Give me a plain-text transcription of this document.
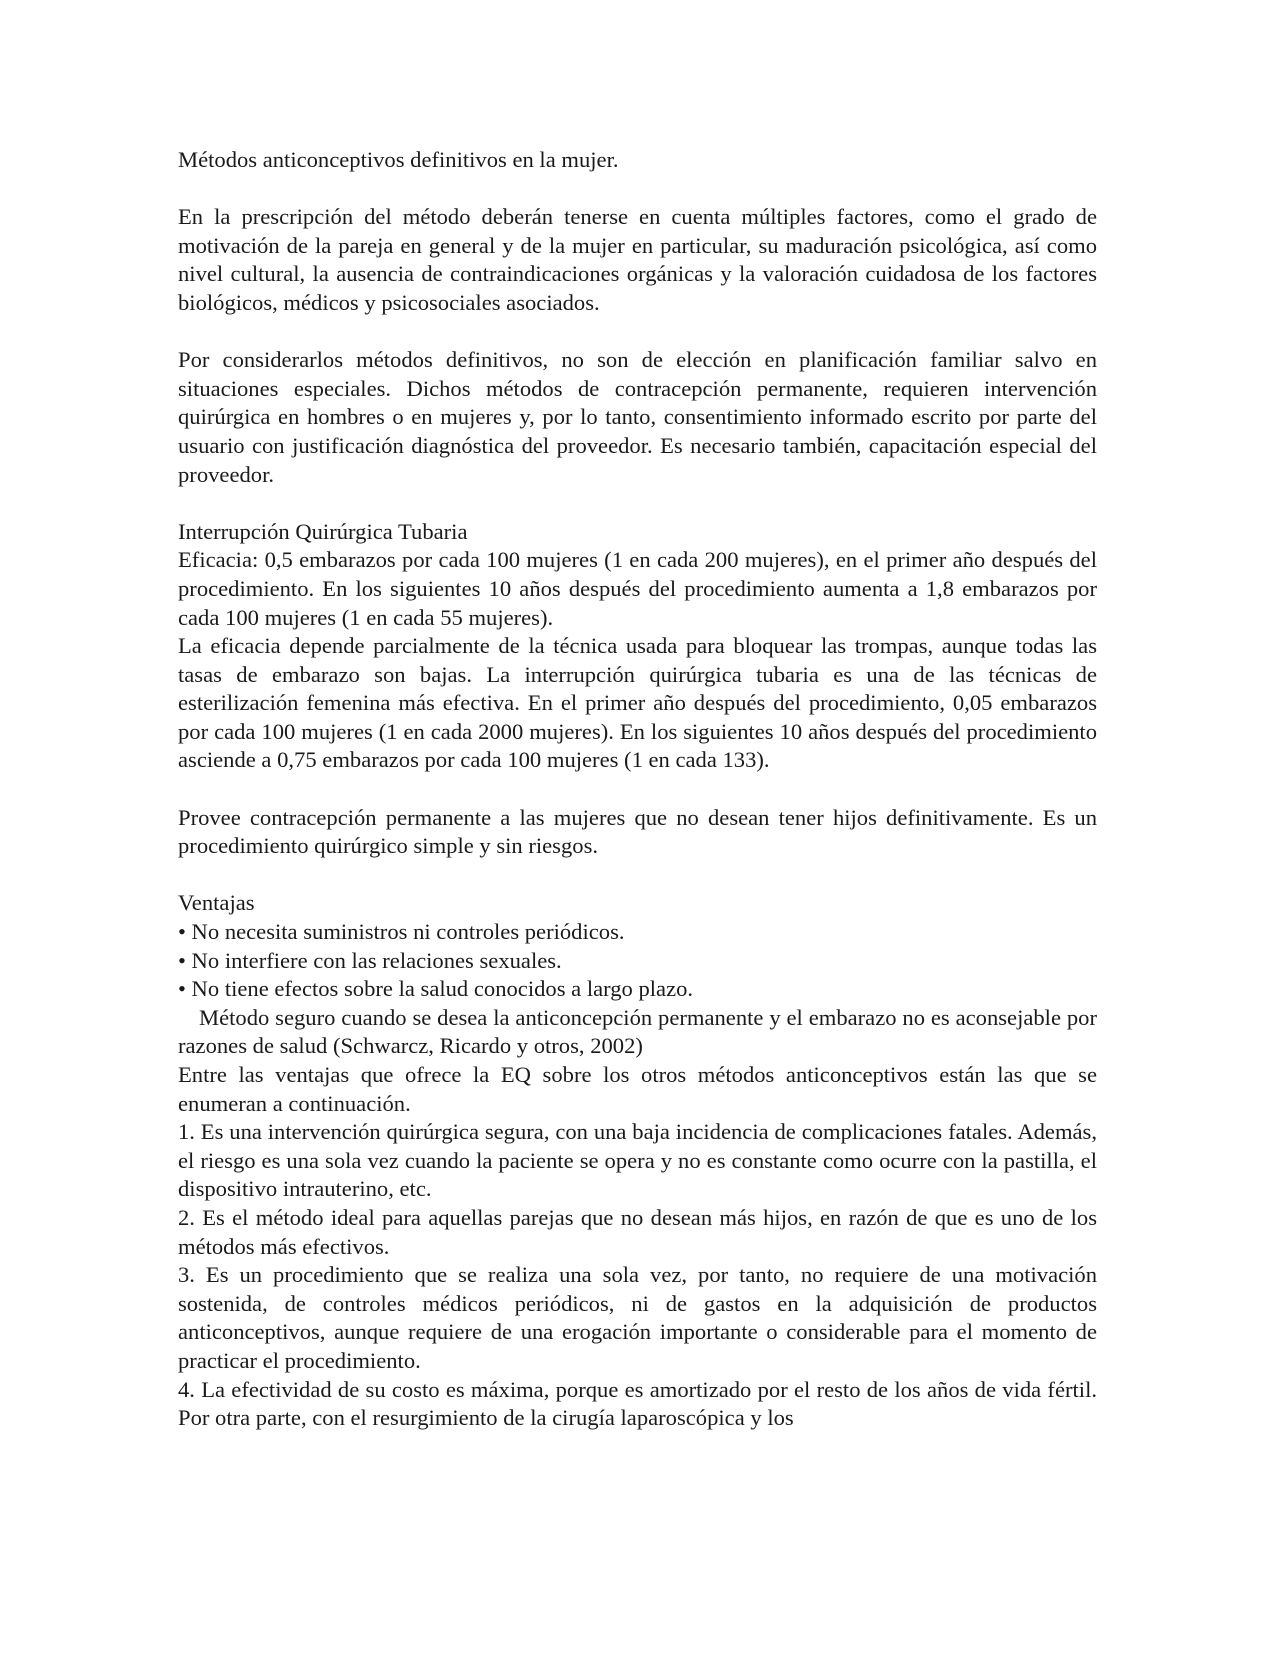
Métodos anticonceptivos definitivos en la mujer.

En la prescripción del método deberán tenerse en cuenta múltiples factores, como el grado de motivación de la pareja en general y de la mujer en particular, su maduración psicológica, así como nivel cultural, la ausencia de contraindicaciones orgánicas y la valoración cuidadosa de los factores biológicos, médicos y psicosociales asociados.

Por considerarlos métodos definitivos, no son de elección en planificación familiar salvo en situaciones especiales. Dichos métodos de contracepción permanente, requieren intervención quirúrgica en hombres o en mujeres y, por lo tanto, consentimiento informado escrito por parte del usuario con justificación diagnóstica del proveedor. Es necesario también, capacitación especial del proveedor.

Interrupción Quirúrgica Tubaria

Eficacia: 0,5 embarazos por cada 100 mujeres (1 en cada 200 mujeres), en el primer año después del procedimiento. En los siguientes 10 años después del procedimiento aumenta a 1,8 embarazos por cada 100 mujeres (1 en cada 55 mujeres).

La eficacia depende parcialmente de la técnica usada para bloquear las trompas, aunque todas las tasas de embarazo son bajas. La interrupción quirúrgica tubaria es una de las técnicas de esterilización femenina más efectiva. En el primer año después del procedimiento, 0,05 embarazos por cada 100 mujeres (1 en cada 2000 mujeres). En los siguientes 10 años después del procedimiento asciende a 0,75 embarazos por cada 100 mujeres (1 en cada 133).

Provee contracepción permanente a las mujeres que no desean tener hijos definitivamente. Es un procedimiento quirúrgico simple y sin riesgos.

Ventajas

• No necesita suministros ni controles periódicos.

• No interfiere con las relaciones sexuales.

• No tiene efectos sobre la salud conocidos a largo plazo.

Método seguro cuando se desea la anticoncepción permanente y el embarazo no es aconsejable por razones de salud (Schwarcz, Ricardo y otros, 2002)

Entre las ventajas que ofrece la EQ sobre los otros métodos anticonceptivos están las que se enumeran a continuación.

1. Es una intervención quirúrgica segura, con una baja incidencia de complicaciones fatales. Además, el riesgo es una sola vez cuando la paciente se opera y no es constante como ocurre con la pastilla, el dispositivo intrauterino, etc.

2. Es el método ideal para aquellas parejas que no desean más hijos, en razón de que es uno de los métodos más efectivos.

3. Es un procedimiento que se realiza una sola vez, por tanto, no requiere de una motivación sostenida, de controles médicos periódicos, ni de gastos en la adquisición de productos anticonceptivos, aunque requiere de una erogación importante o considerable para el momento de practicar el procedimiento.

4. La efectividad de su costo es máxima, porque es amortizado por el resto de los años de vida fértil. Por otra parte, con el resurgimiento de la cirugía laparoscópica y los
